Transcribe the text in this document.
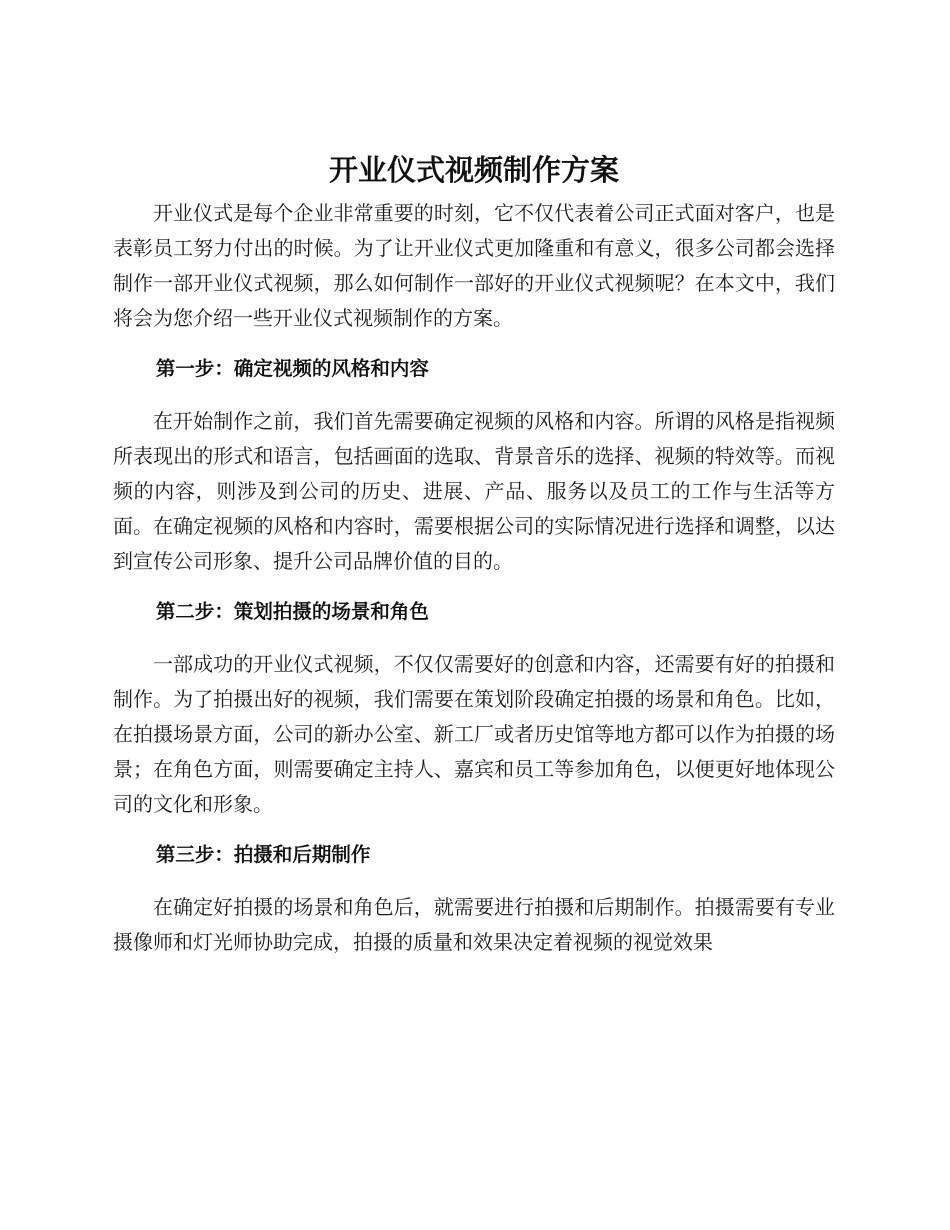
开业仪式视频制作方案

开业仪式是每个企业非常重要的时刻，它不仅代表着公司正式面对客户，也是表彰员工努力付出的时候。为了让开业仪式更加隆重和有意义，很多公司都会选择制作一部开业仪式视频，那么如何制作一部好的开业仪式视频呢？在本文中，我们将会为您介绍一些开业仪式视频制作的方案。

第一步：确定视频的风格和内容

在开始制作之前，我们首先需要确定视频的风格和内容。所谓的风格是指视频所表现出的形式和语言，包括画面的选取、背景音乐的选择、视频的特效等。而视频的内容，则涉及到公司的历史、进展、产品、服务以及员工的工作与生活等方面。在确定视频的风格和内容时，需要根据公司的实际情况进行选择和调整，以达到宣传公司形象、提升公司品牌价值的目的。

第二步：策划拍摄的场景和角色

一部成功的开业仪式视频，不仅仅需要好的创意和内容，还需要有好的拍摄和制作。为了拍摄出好的视频，我们需要在策划阶段确定拍摄的场景和角色。比如，在拍摄场景方面，公司的新办公室、新工厂或者历史馆等地方都可以作为拍摄的场景；在角色方面，则需要确定主持人、嘉宾和员工等参加角色，以便更好地体现公司的文化和形象。

第三步：拍摄和后期制作

在确定好拍摄的场景和角色后，就需要进行拍摄和后期制作。拍摄需要有专业摄像师和灯光师协助完成，拍摄的质量和效果决定着视频的视觉效果
